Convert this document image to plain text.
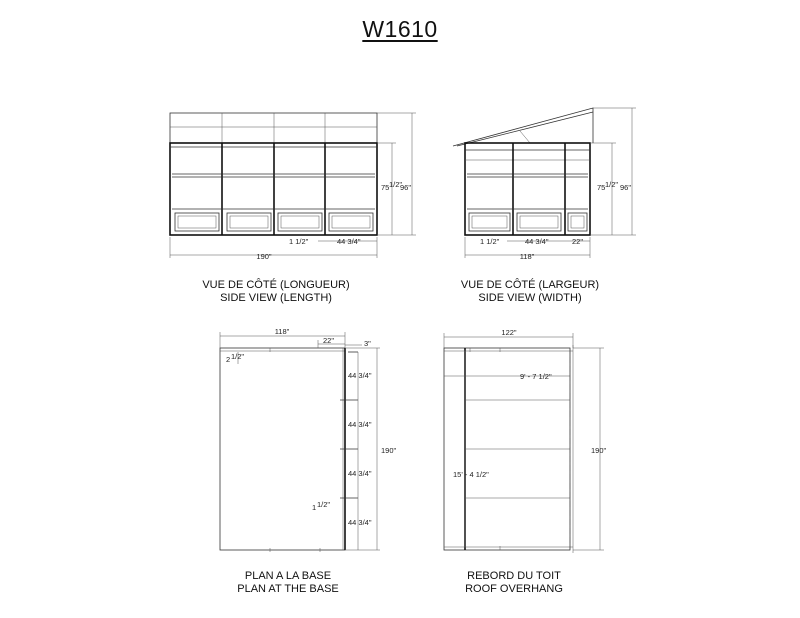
W1610
1 1/2"	44 3/4"
190"
75 1/2"
96"
1 1/2"	44 3/4"	22"
118"
75 1/2" 96"
118"
22"	3"
2 1/2"
1 1/2"
44 3/4"
44 3/4"
44 3/4"
44 3/4"
190"
122"
9' - 7 1/2"
15' - 4 1/2"
190"
VUE DE CÔTÉ (LONGUEUR)
SIDE VIEW (LENGTH)
VUE DE CÔTÉ (LARGEUR)
SIDE VIEW (WIDTH)
PLAN A LA BASE
PLAN AT THE BASE
REBORD DU TOIT
ROOF OVERHANG
